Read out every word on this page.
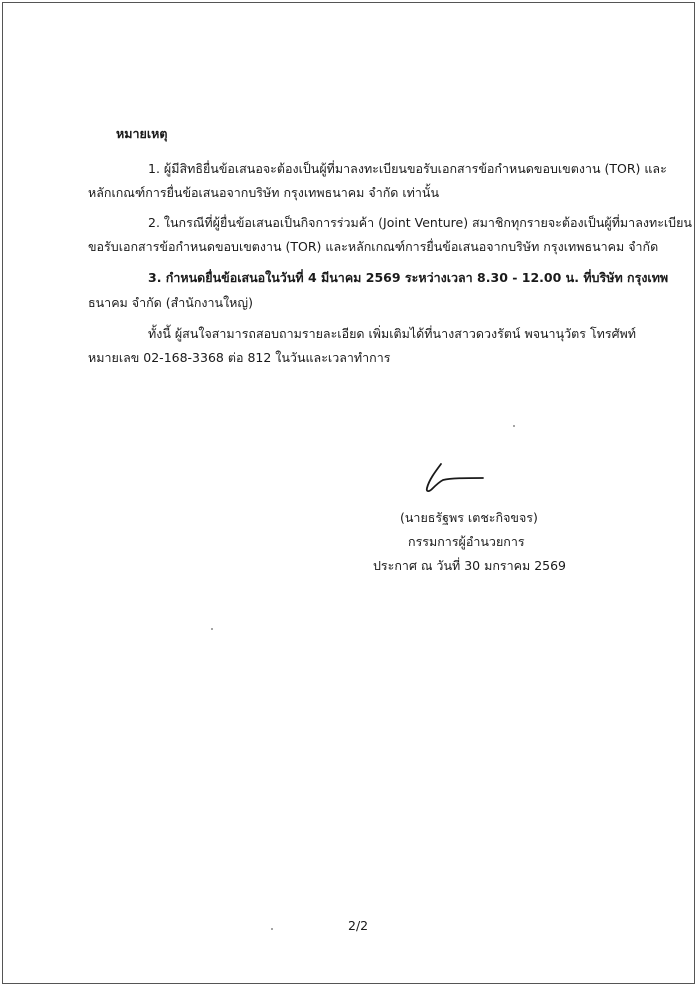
หมายเหตุ
1. ผู้มีสิทธิยื่นข้อเสนอจะต้องเป็นผู้ที่มาลงทะเบียนขอรับเอกสารข้อกำหนดขอบเขตงาน (TOR) และ
หลักเกณฑ์การยื่นข้อเสนอจากบริษัท กรุงเทพธนาคม จำกัด เท่านั้น
2. ในกรณีที่ผู้ยื่นข้อเสนอเป็นกิจการร่วมค้า (Joint Venture) สมาชิกทุกรายจะต้องเป็นผู้ที่มาลงทะเบียน
ขอรับเอกสารข้อกำหนดขอบเขตงาน (TOR) และหลักเกณฑ์การยื่นข้อเสนอจากบริษัท กรุงเทพธนาคม จำกัด
3. กำหนดยื่นข้อเสนอในวันที่ 4 มีนาคม 2569 ระหว่างเวลา 8.30 - 12.00 น. ที่บริษัท กรุงเทพ
ธนาคม จำกัด (สำนักงานใหญ่)
ทั้งนี้ ผู้สนใจสามารถสอบถามรายละเอียด เพิ่มเติมได้ที่นางสาวดวงรัตน์ พจนานุวัตร โทรศัพท์
หมายเลข 02-168-3368 ต่อ 812 ในวันและเวลาทำการ
(นายธรัฐพร เตชะกิจขจร)
กรรมการผู้อำนวยการ
ประกาศ ณ วันที่ 30 มกราคม 2569
2/2
